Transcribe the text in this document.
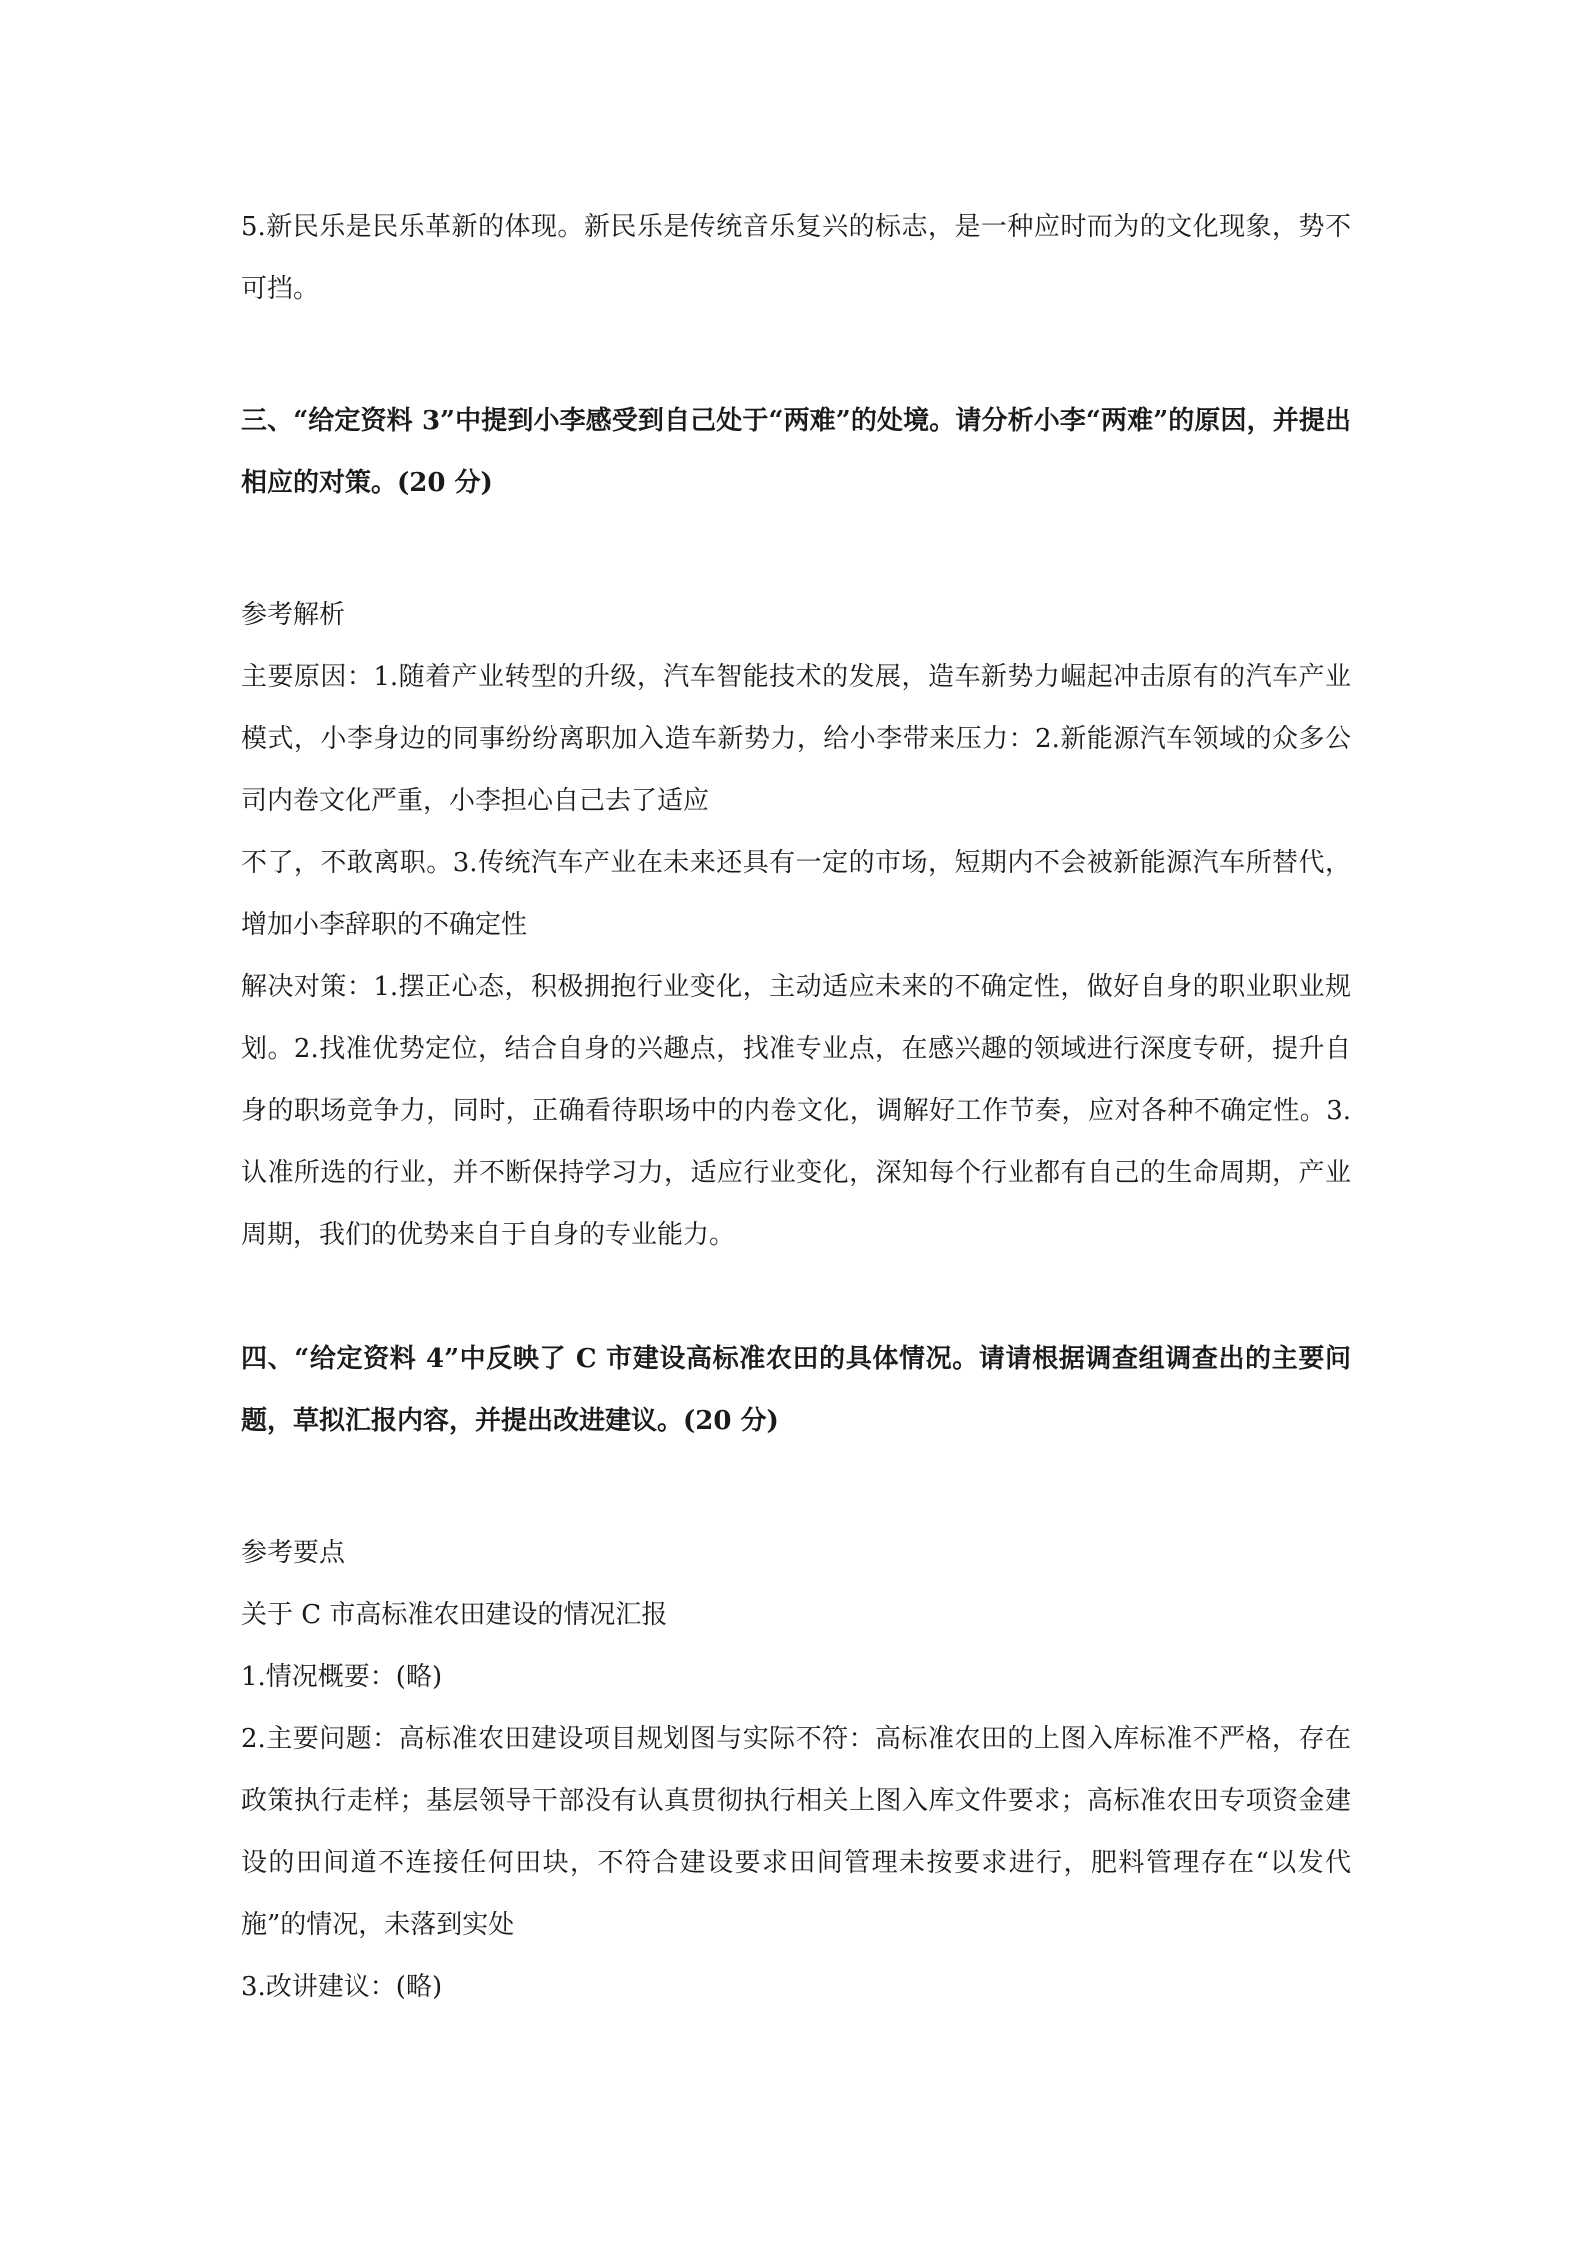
5.新民乐是民乐革新的体现。新民乐是传统音乐复兴的标志，是一种应时而为的文化现象，势不可挡。

三、“给定资料 3”中提到小李感受到自己处于“两难”的处境。请分析小李“两难”的原因，并提出相应的对策。(20 分)

参考解析

主要原因：1.随着产业转型的升级，汽车智能技术的发展，造车新势力崛起冲击原有的汽车产业模式，小李身边的同事纷纷离职加入造车新势力，给小李带来压力：2.新能源汽车领域的众多公司内卷文化严重，小李担心自己去了适应

不了，不敢离职。3.传统汽车产业在未来还具有一定的市场，短期内不会被新能源汽车所替代，增加小李辞职的不确定性

解决对策：1.摆正心态，积极拥抱行业变化，主动适应未来的不确定性，做好自身的职业职业规划。2.找准优势定位，结合自身的兴趣点，找准专业点，在感兴趣的领域进行深度专研，提升自身的职场竞争力，同时，正确看待职场中的内卷文化，调解好工作节奏，应对各种不确定性。3.认准所选的行业，并不断保持学习力，适应行业变化，深知每个行业都有自己的生命周期，产业周期，我们的优势来自于自身的专业能力。

四、“给定资料 4”中反映了 C 市建设高标准农田的具体情况。请请根据调查组调查出的主要问题，草拟汇报内容，并提出改进建议。(20 分)

参考要点

关于 C 市高标准农田建设的情况汇报

1.情况概要：(略)

2.主要问题：高标准农田建设项目规划图与实际不符：高标准农田的上图入库标准不严格，存在政策执行走样；基层领导干部没有认真贯彻执行相关上图入库文件要求；高标准农田专项资金建设的田间道不连接任何田块，不符合建设要求田间管理未按要求进行，肥料管理存在“以发代施”的情况，未落到实处

3.改讲建议：(略)
